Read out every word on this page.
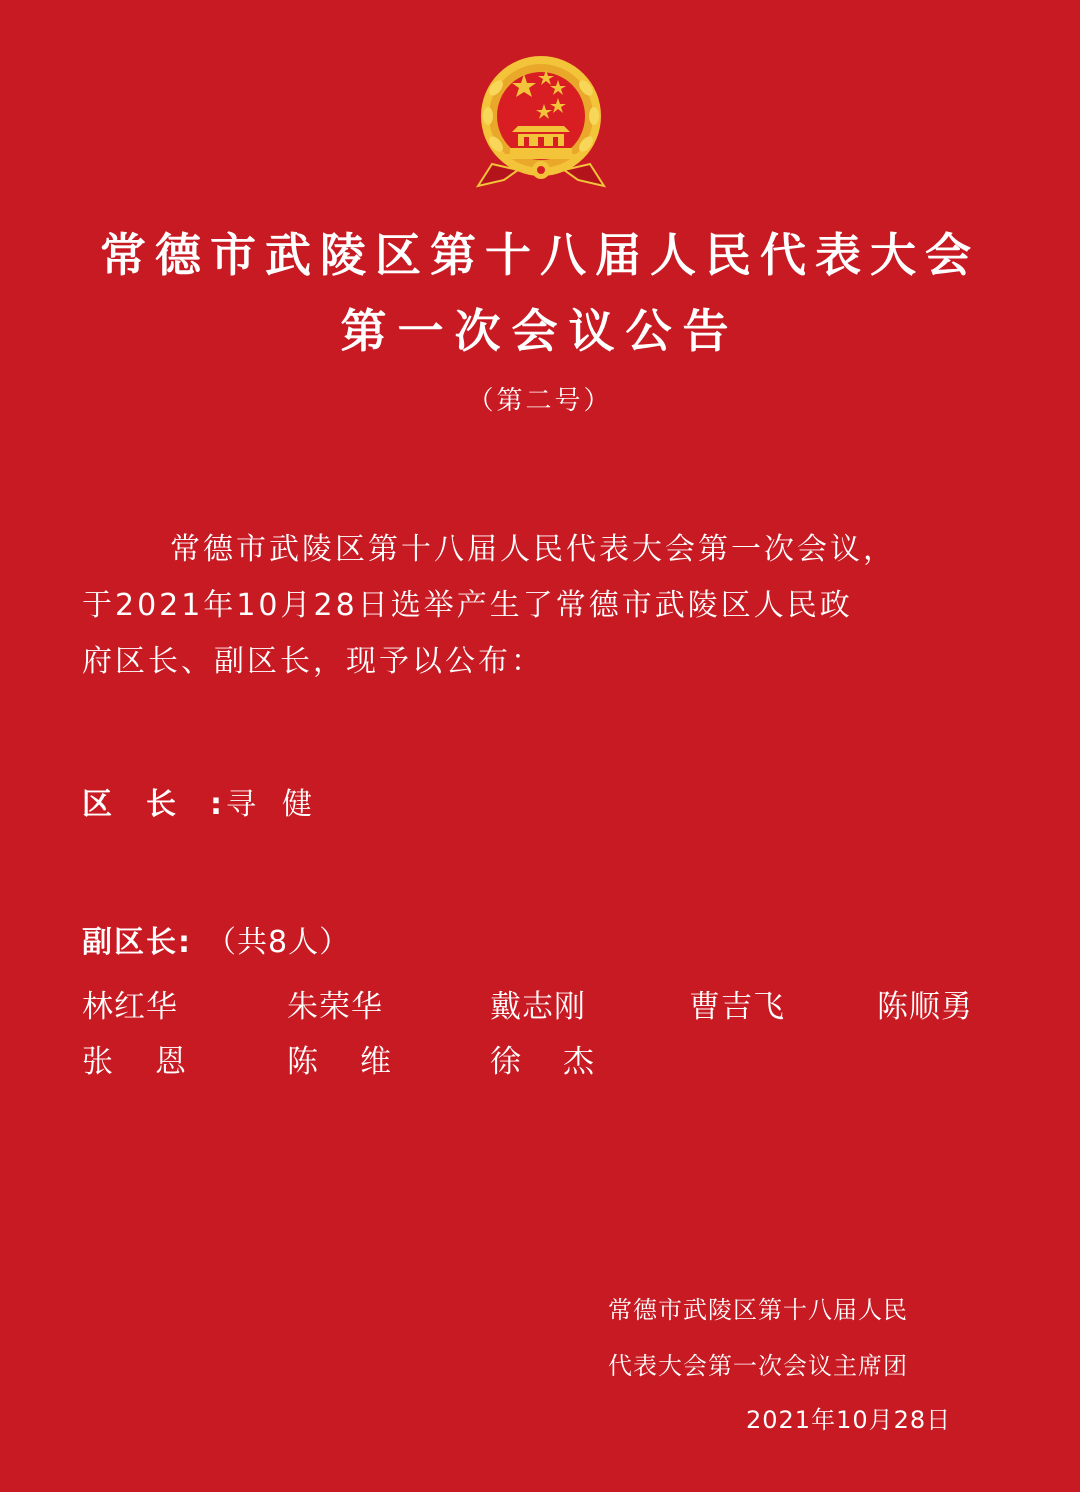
常德市武陵区第十八届人民代表大会
第一次会议公告
（第二号）
常德市武陵区第十八届人民代表大会第一次会议，
于2021年10月28日选举产生了常德市武陵区人民政
府区长、副区长，现予以公布：
区长: 寻健
副区长: （共8人）
林红华	朱荣华	戴志刚	曹吉飞	陈顺勇
张恩 陈维 徐杰
常德市武陵区第十八届人民
代表大会第一次会议主席团
2021年10月28日
